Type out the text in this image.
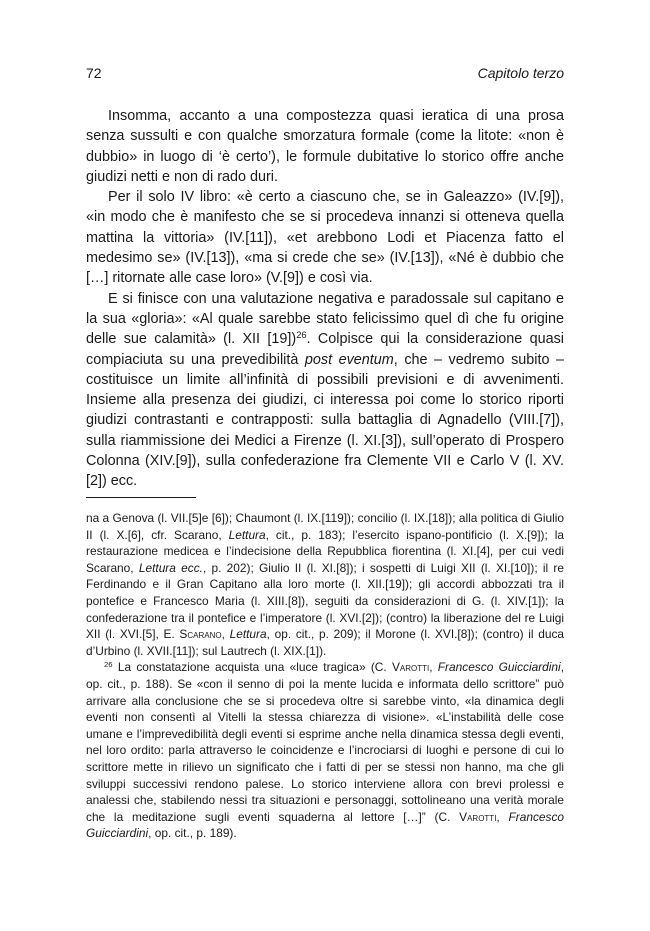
72	Capitolo terzo

Insomma, accanto a una compostezza quasi ieratica di una prosa senza sussulti e con qualche smorzatura formale (come la litote: «non è dubbio» in luogo di ‘è certo’), le formule dubitative lo storico offre anche giudizi netti e non di rado duri.

Per il solo IV libro: «è certo a ciascuno che, se in Galeazzo» (IV.[9]), «in modo che è manifesto che se si procedeva innanzi si otteneva quella mattina la vittoria» (IV.[11]), «et arebbono Lodi et Piacenza fatto el medesimo se» (IV.[13]), «ma si crede che se» (IV.[13]), «Né è dubbio che […] ritornate alle case loro» (V.[9]) e così via.

E si finisce con una valutazione negativa e paradossale sul capitano e la sua «gloria»: «Al quale sarebbe stato felicissimo quel dì che fu origine delle sue calamità» (l. XII [19])$^{26}$. Colpisce qui la considerazione quasi compiaciuta su una prevedibilità post eventum, che – vedremo subito – costituisce un limite all’infinità di possibili previsioni e di avvenimenti. Insieme alla presenza dei giudizi, ci interessa poi come lo storico riporti giudizi contrastanti e contrapposti: sulla battaglia di Agnadello (VIII.[7]), sulla riammissione dei Medici a Firenze (l. XI.[3]), sull’operato di Prospero Colonna (XIV.[9]), sulla confederazione fra Clemente VII e Carlo V (l. XV.[2]) ecc.

na a Genova (l. VII.[5]e [6]); Chaumont (l. IX.[119]); concilio (l. IX.[18]); alla politica di Giulio II (l. X.[6], cfr. Scarano, Lettura, cit., p. 183); l’esercito ispano-pontificio (l. X.[9]); la restaurazione medicea e l’indecisione della Repubblica fiorentina (l. XI.[4], per cui vedi Scarano, Lettura ecc., p. 202); Giulio II (l. XI.[8]); i sospetti di Luigi XII (l. XI.[10]); il re Ferdinando e il Gran Capitano alla loro morte (l. XII.[19]); gli accordi abbozzati tra il pontefice e Francesco Maria (l. XIII.[8]), seguiti da considerazioni di G. (l. XIV.[1]); la confederazione tra il pontefice e l’imperatore (l. XVI.[2]); (contro) la liberazione del re Luigi XII (l. XVI.[5], E. Scarano, Lettura, op. cit., p. 209); il Morone (l. XVI.[8]); (contro) il duca d’Urbino (l. XVII.[11]); sul Lautrech (l. XIX.[1]).

$^{26}$ La constatazione acquista una «luce tragica» (C. Varotti, Francesco Guicciardini, op. cit., p. 188). Se «con il senno di poi la mente lucida e informata dello scrittore” può arrivare alla conclusione che se si procedeva oltre si sarebbe vinto, «la dinamica degli eventi non consentì al Vitelli la stessa chiarezza di visione». «L’instabilità delle cose umane e l’imprevedibilità degli eventi si esprime anche nella dinamica stessa degli eventi, nel loro ordito: parla attraverso le coincidenze e l’incrociarsi di luoghi e persone di cui lo scrittore mette in rilievo un significato che i fatti di per se stessi non hanno, ma che gli sviluppi successivi rendono palese. Lo storico interviene allora con brevi prolessi e analessi che, stabilendo nessi tra situazioni e personaggi, sottolineano una verità morale che la meditazione sugli eventi squaderna al lettore […]” (C. Varotti, Francesco Guicciardini, op. cit., p. 189).
